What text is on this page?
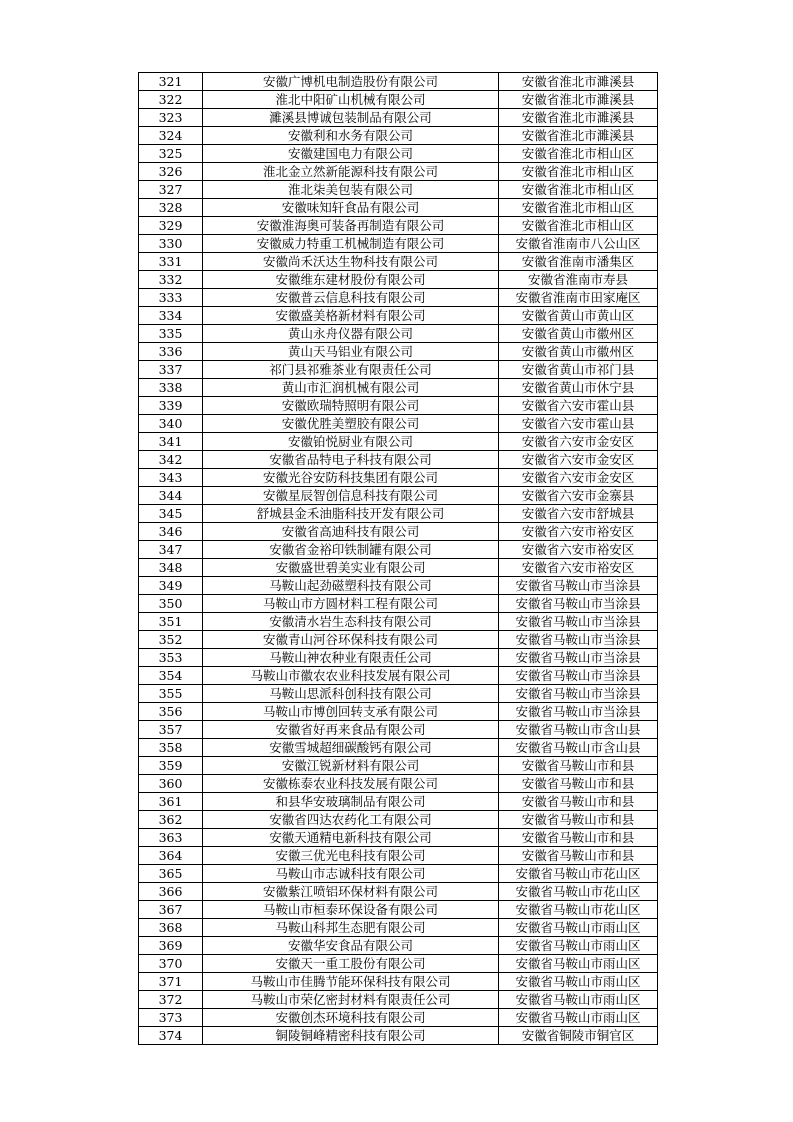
321	安徽广博机电制造股份有限公司	安徽省淮北市濉溪县
322	淮北中阳矿山机械有限公司	安徽省淮北市濉溪县
323	濉溪县博诚包装制品有限公司	安徽省淮北市濉溪县
324	安徽利和水务有限公司	安徽省淮北市濉溪县
325	安徽建国电力有限公司	安徽省淮北市相山区
326	淮北金立然新能源科技有限公司	安徽省淮北市相山区
327	淮北柒美包装有限公司	安徽省淮北市相山区
328	安徽味知轩食品有限公司	安徽省淮北市相山区
329	安徽淮海奥可装备再制造有限公司	安徽省淮北市相山区
330	安徽威力特重工机械制造有限公司	安徽省淮南市八公山区
331	安徽尚禾沃达生物科技有限公司	安徽省淮南市潘集区
332	安徽维东建材股份有限公司	安徽省淮南市寿县
333	安徽普云信息科技有限公司	安徽省淮南市田家庵区
334	安徽盛美格新材料有限公司	安徽省黄山市黄山区
335	黄山永舟仪器有限公司	安徽省黄山市徽州区
336	黄山天马铝业有限公司	安徽省黄山市徽州区
337	祁门县祁雅茶业有限责任公司	安徽省黄山市祁门县
338	黄山市汇润机械有限公司	安徽省黄山市休宁县
339	安徽欧瑞特照明有限公司	安徽省六安市霍山县
340	安徽优胜美塑胶有限公司	安徽省六安市霍山县
341	安徽铂悦厨业有限公司	安徽省六安市金安区
342	安徽省品特电子科技有限公司	安徽省六安市金安区
343	安徽光谷安防科技集团有限公司	安徽省六安市金安区
344	安徽星辰智创信息科技有限公司	安徽省六安市金寨县
345	舒城县金禾油脂科技开发有限公司	安徽省六安市舒城县
346	安徽省高迪科技有限公司	安徽省六安市裕安区
347	安徽省金裕印铁制罐有限公司	安徽省六安市裕安区
348	安徽盛世碧美实业有限公司	安徽省六安市裕安区
349	马鞍山起劲磁塑科技有限公司	安徽省马鞍山市当涂县
350	马鞍山市方圆材料工程有限公司	安徽省马鞍山市当涂县
351	安徽清水岩生态科技有限公司	安徽省马鞍山市当涂县
352	安徽青山河谷环保科技有限公司	安徽省马鞍山市当涂县
353	马鞍山神农种业有限责任公司	安徽省马鞍山市当涂县
354	马鞍山市徽农农业科技发展有限公司	安徽省马鞍山市当涂县
355	马鞍山思派科创科技有限公司	安徽省马鞍山市当涂县
356	马鞍山市博创回转支承有限公司	安徽省马鞍山市当涂县
357	安徽省好再来食品有限公司	安徽省马鞍山市含山县
358	安徽雪城超细碳酸钙有限公司	安徽省马鞍山市含山县
359	安徽江锐新材料有限公司	安徽省马鞍山市和县
360	安徽栋泰农业科技发展有限公司	安徽省马鞍山市和县
361	和县华安玻璃制品有限公司	安徽省马鞍山市和县
362	安徽省四达农药化工有限公司	安徽省马鞍山市和县
363	安徽天通精电新科技有限公司	安徽省马鞍山市和县
364	安徽三优光电科技有限公司	安徽省马鞍山市和县
365	马鞍山市志诚科技有限公司	安徽省马鞍山市花山区
366	安徽紫江喷铝环保材料有限公司	安徽省马鞍山市花山区
367	马鞍山市桓泰环保设备有限公司	安徽省马鞍山市花山区
368	马鞍山科邦生态肥有限公司	安徽省马鞍山市雨山区
369	安徽华安食品有限公司	安徽省马鞍山市雨山区
370	安徽天一重工股份有限公司	安徽省马鞍山市雨山区
371	马鞍山市佳腾节能环保科技有限公司	安徽省马鞍山市雨山区
372	马鞍山市荣亿密封材料有限责任公司	安徽省马鞍山市雨山区
373	安徽创杰环境科技有限公司	安徽省马鞍山市雨山区
374	铜陵铜峰精密科技有限公司	安徽省铜陵市铜官区
